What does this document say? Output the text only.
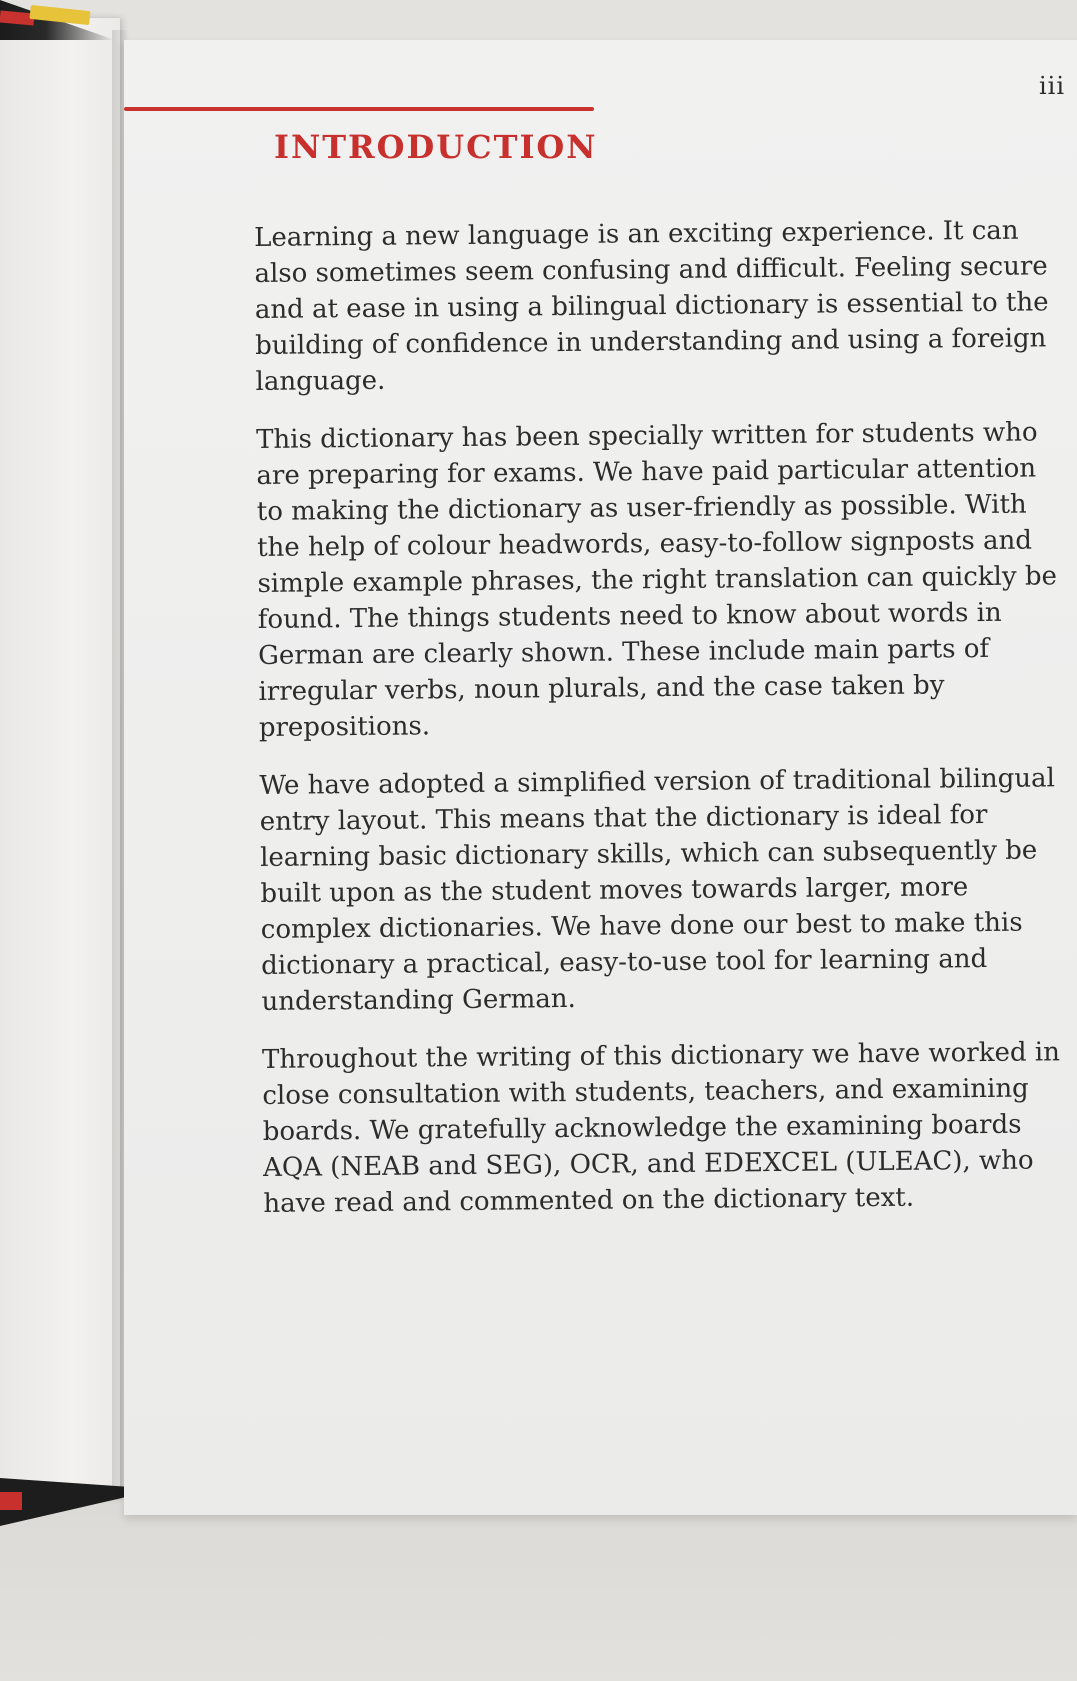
iii
INTRODUCTION

Learning a new language is an exciting experience. It can also sometimes seem confusing and difficult. Feeling secure and at ease in using a bilingual dictionary is essential to the building of confidence in understanding and using a foreign language.

This dictionary has been specially written for students who are preparing for exams. We have paid particular attention to making the dictionary as user-friendly as possible. With the help of colour headwords, easy-to-follow signposts and simple example phrases, the right translation can quickly be found. The things students need to know about words in German are clearly shown. These include main parts of irregular verbs, noun plurals, and the case taken by prepositions.

We have adopted a simplified version of traditional bilingual entry layout. This means that the dictionary is ideal for learning basic dictionary skills, which can subsequently be built upon as the student moves towards larger, more complex dictionaries. We have done our best to make this dictionary a practical, easy-to-use tool for learning and understanding German.

Throughout the writing of this dictionary we have worked in close consultation with students, teachers, and examining boards. We gratefully acknowledge the examining boards AQA (NEAB and SEG), OCR, and EDEXCEL (ULEAC), who have read and commented on the dictionary text.
